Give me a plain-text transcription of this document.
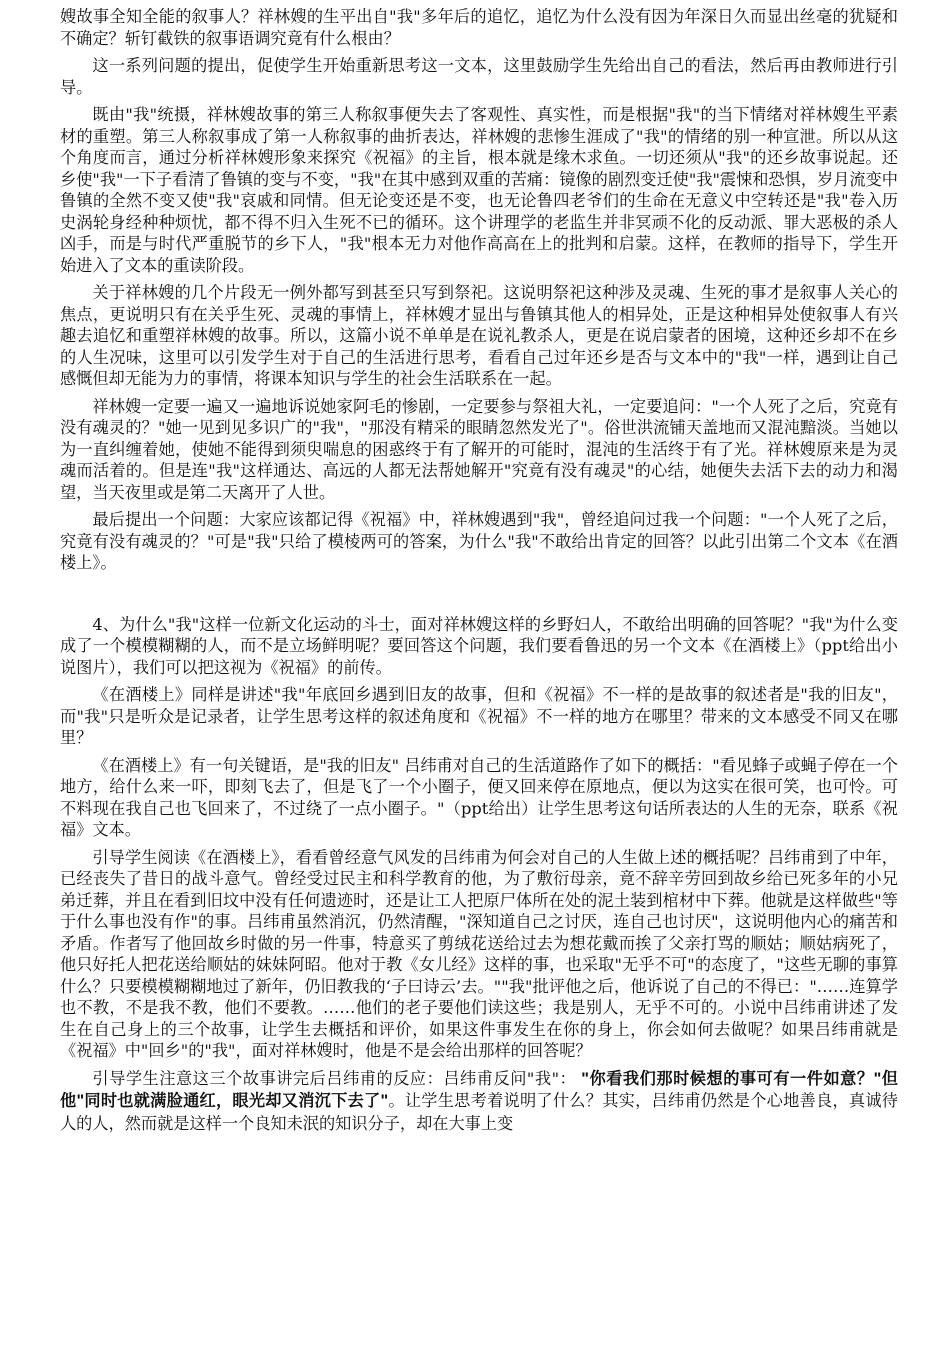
嫂故事全知全能的叙事人？祥林嫂的生平出自"我"多年后的追忆，追忆为什么没有因为年深日久而显出丝毫的犹疑和不确定？斩钉截铁的叙事语调究竟有什么根由？

这一系列问题的提出，促使学生开始重新思考这一文本，这里鼓励学生先给出自己的看法，然后再由教师进行引导。

既由"我"统摄，祥林嫂故事的第三人称叙事便失去了客观性、真实性，而是根据"我"的当下情绪对祥林嫂生平素材的重塑。第三人称叙事成了第一人称叙事的曲折表达，祥林嫂的悲惨生涯成了"我"的情绪的别一种宣泄。所以从这个角度而言，通过分析祥林嫂形象来探究《祝福》的主旨，根本就是缘木求鱼。一切还须从"我"的还乡故事说起。还乡使"我"一下子看清了鲁镇的变与不变，"我"在其中感到双重的苦痛：镜像的剧烈变迁使"我"震悚和恐惧，岁月流变中鲁镇的全然不变又使"我"哀戚和同情。但无论变还是不变，也无论鲁四老爷们的生命在无意义中空转还是"我"卷入历史涡轮身经种种烦忧，都不得不归入生死不已的循环。这个讲理学的老监生并非冥顽不化的反动派、罪大恶极的杀人凶手，而是与时代严重脱节的乡下人，"我"根本无力对他作高高在上的批判和启蒙。这样，在教师的指导下，学生开始进入了文本的重读阶段。

关于祥林嫂的几个片段无一例外都写到甚至只写到祭祀。这说明祭祀这种涉及灵魂、生死的事才是叙事人关心的焦点，更说明只有在关乎生死、灵魂的事情上，祥林嫂才显出与鲁镇其他人的相异处，正是这种相异处使叙事人有兴趣去追忆和重塑祥林嫂的故事。所以，这篇小说不单单是在说礼教杀人，更是在说启蒙者的困境，这种还乡却不在乡的人生况味，这里可以引发学生对于自己的生活进行思考，看看自己过年还乡是否与文本中的"我"一样，遇到让自己感慨但却无能为力的事情，将课本知识与学生的社会生活联系在一起。

祥林嫂一定要一遍又一遍地诉说她家阿毛的惨剧，一定要参与祭祖大礼，一定要追问："一个人死了之后，究竟有没有魂灵的？"她一见到见多识广的"我"，"那没有精采的眼睛忽然发光了"。俗世洪流铺天盖地而又混沌黯淡。当她以为一直纠缠着她，使她不能得到须臾喘息的困惑终于有了解开的可能时，混沌的生活终于有了光。祥林嫂原来是为灵魂而活着的。但是连"我"这样通达、高远的人都无法帮她解开"究竟有没有魂灵"的心结，她便失去活下去的动力和渴望，当天夜里或是第二天离开了人世。

最后提出一个问题：大家应该都记得《祝福》中，祥林嫂遇到"我"，曾经追问过我一个问题："一个人死了之后，究竟有没有魂灵的？"可是"我"只给了模棱两可的答案，为什么"我"不敢给出肯定的回答？以此引出第二个文本《在酒楼上》。

4、为什么"我"这样一位新文化运动的斗士，面对祥林嫂这样的乡野妇人，不敢给出明确的回答呢？"我"为什么变成了一个模模糊糊的人，而不是立场鲜明呢？要回答这个问题，我们要看鲁迅的另一个文本《在酒楼上》（ppt给出小说图片），我们可以把这视为《祝福》的前传。

《在酒楼上》同样是讲述"我"年底回乡遇到旧友的故事，但和《祝福》不一样的是故事的叙述者是"我的旧友"，而"我"只是听众是记录者，让学生思考这样的叙述角度和《祝福》不一样的地方在哪里？带来的文本感受不同又在哪里？

《在酒楼上》有一句关键语，是"我的旧友" 吕纬甫对自己的生活道路作了如下的概括："看见蜂子或蝇子停在一个地方，给什么来一吓，即刻飞去了，但是飞了一个小圈子，便又回来停在原地点，便以为这实在很可笑，也可怜。可不料现在我自己也飞回来了，不过绕了一点小圈子。"（ppt给出）让学生思考这句话所表达的人生的无奈，联系《祝福》文本。

引导学生阅读《在酒楼上》，看看曾经意气风发的吕纬甫为何会对自己的人生做上述的概括呢？吕纬甫到了中年，已经丧失了昔日的战斗意气。曾经受过民主和科学教育的他，为了敷衍母亲，竟不辞辛劳回到故乡给已死多年的小兄弟迁葬，并且在看到旧坟中没有任何遗迹时，还是让工人把原尸体所在处的泥土装到棺材中下葬。他就是这样做些"等于什么事也没有作"的事。吕纬甫虽然消沉，仍然清醒，"深知道自己之讨厌，连自己也讨厌"，这说明他内心的痛苦和矛盾。作者写了他回故乡时做的另一件事，特意买了剪绒花送给过去为想花戴而挨了父亲打骂的顺姑；顺姑病死了，他只好托人把花送给顺姑的妹妹阿昭。他对于教《女儿经》这样的事，也采取"无乎不可"的态度了，"这些无聊的事算什么？只要模模糊糊地过了新年，仍旧教我的‘子曰诗云’去。""我"批评他之后，他诉说了自己的不得已："……连算学也不教，不是我不教，他们不要教。……他们的老子要他们读这些；我是别人，无乎不可的。小说中吕纬甫讲述了发生在自己身上的三个故事，让学生去概括和评价，如果这件事发生在你的身上，你会如何去做呢？如果吕纬甫就是《祝福》中"回乡"的"我"，面对祥林嫂时，他是不是会给出那样的回答呢？

引导学生注意这三个故事讲完后吕纬甫的反应：吕纬甫反问"我"： "你看我们那时候想的事可有一件如意？"但他"同时也就满脸通红，眼光却又消沉下去了"。让学生思考着说明了什么？其实，吕纬甫仍然是个心地善良，真诚待人的人，然而就是这样一个良知未泯的知识分子，却在大事上变
